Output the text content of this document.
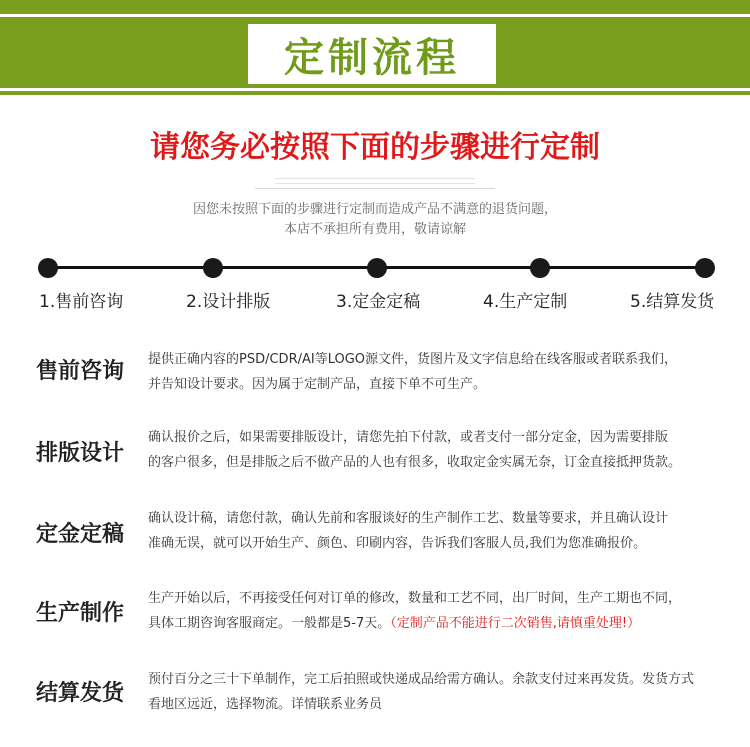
定制流程
请您务必按照下面的步骤进行定制
因您未按照下面的步骤进行定制而造成产品不满意的退货问题，
本店不承担所有费用，敬请谅解
1.售前咨询	2.设计排版	3.定金定稿	4.生产定制	5.结算发货
售前咨询 提供正确内容的PSD/CDR/AI等LOGO源文件，货图片及文字信息给在线客服或者联系我们，
并告知设计要求。因为属于定制产品，直接下单不可生产。
排版设计
确认报价之后，如果需要排版设计，请您先拍下付款，或者支付一部分定金，因为需要排版
的客户很多，但是排版之后不做产品的人也有很多，收取定金实属无奈，订金直接抵押货款。
定金定稿
确认设计稿，请您付款，确认先前和客服谈好的生产制作工艺、数量等要求，并且确认设计
准确无误，就可以开始生产、颜色、印刷内容，告诉我们客服人员,我们为您准确报价。
生产制作
生产开始以后，不再接受任何对订单的修改，数量和工艺不同，出厂时间，生产工期也不同，
具体工期咨询客服商定。一般都是5-7天。（定制产品不能进行二次销售,请慎重处理!）
结算发货
预付百分之三十下单制作，完工后拍照或快递成品给需方确认。余款支付过来再发货。发货方式
看地区远近，选择物流。详情联系业务员
